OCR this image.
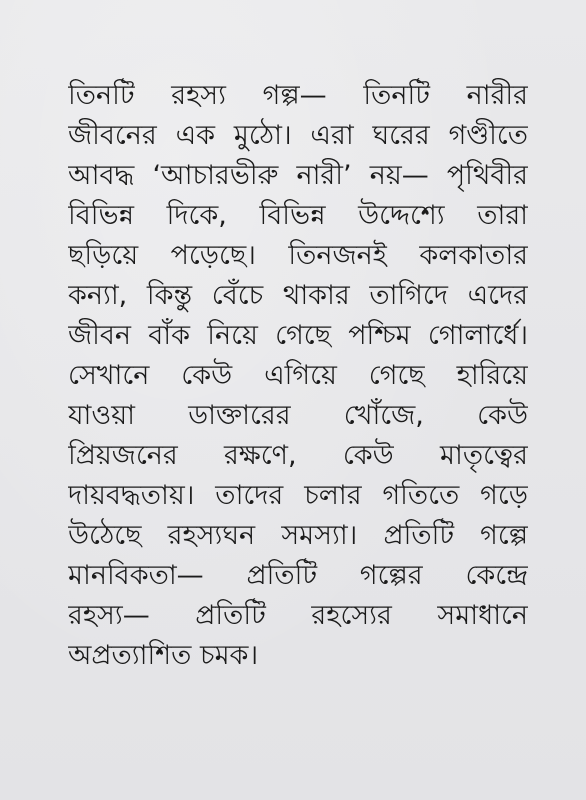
তিনটি রহস্য গল্প— তিনটি নারীর
জীবনের এক মুঠো। এরা ঘরের গণ্ডীতে
আবদ্ধ ‘আচারভীরু নারী’ নয়— পৃথিবীর
বিভিন্ন দিকে, বিভিন্ন উদ্দেশ্যে তারা
ছড়িয়ে পড়েছে। তিনজনই কলকাতার
কন্যা, কিন্তু বেঁচে থাকার তাগিদে এদের
জীবন বাঁক নিয়ে গেছে পশ্চিম গোলার্ধে।
সেখানে কেউ এগিয়ে গেছে হারিয়ে
যাওয়া ডাক্তারের খোঁজে, কেউ
প্রিয়জনের রক্ষণে, কেউ মাতৃত্বের
দায়বদ্ধতায়। তাদের চলার গতিতে গড়ে
উঠেছে রহস্যঘন সমস্যা। প্রতিটি গল্পে
মানবিকতা— প্রতিটি গল্পের কেন্দ্রে
রহস্য— প্রতিটি রহস্যের সমাধানে
অপ্রত্যাশিত চমক।
